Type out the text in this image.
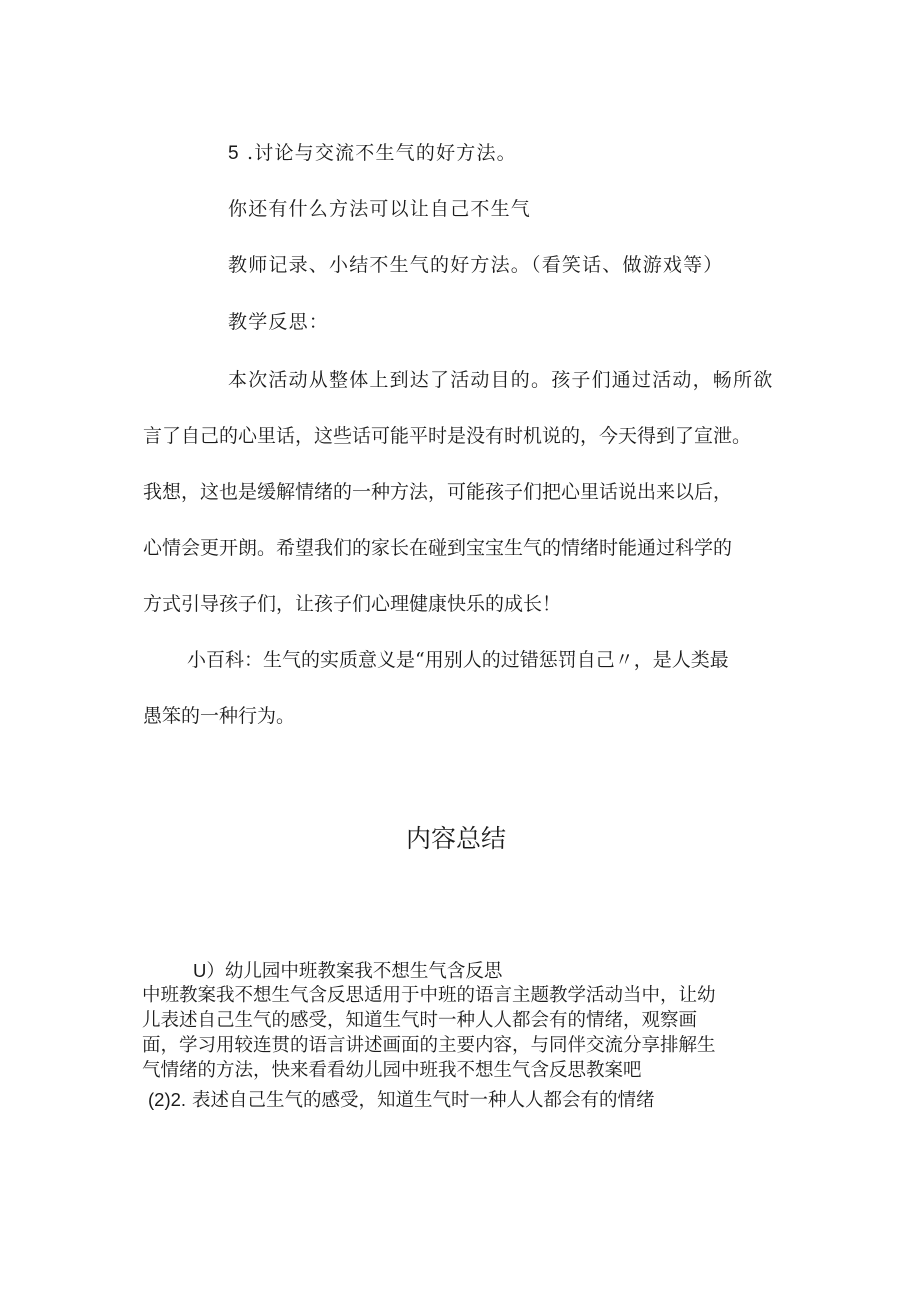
5 .讨论与交流不生气的好方法。
你还有什么方法可以让自己不生气
教师记录、小结不生气的好方法。（看笑话、做游戏等）
教学反思：
本次活动从整体上到达了活动目的。孩子们通过活动，畅所欲
言了自己的心里话，这些话可能平时是没有时机说的，今天得到了宣泄。
我想，这也是缓解情绪的一种方法，可能孩子们把心里话说出来以后，
心情会更开朗。希望我们的家长在碰到宝宝生气的情绪时能通过科学的
方式引导孩子们，让孩子们心理健康快乐的成长！
小百科：生气的实质意义是“用别人的过错惩罚自己〃，是人类最
愚笨的一种行为。
内容总结
U）幼儿园中班教案我不想生气含反思
中班教案我不想生气含反思适用于中班的语言主题教学活动当中，让幼
儿表述自己生气的感受，知道生气时一种人人都会有的情绪，观察画
面，学习用较连贯的语言讲述画面的主要内容，与同伴交流分享排解生
气情绪的方法，快来看看幼儿园中班我不想生气含反思教案吧
(2)2. 表述自己生气的感受，知道生气时一种人人都会有的情绪
